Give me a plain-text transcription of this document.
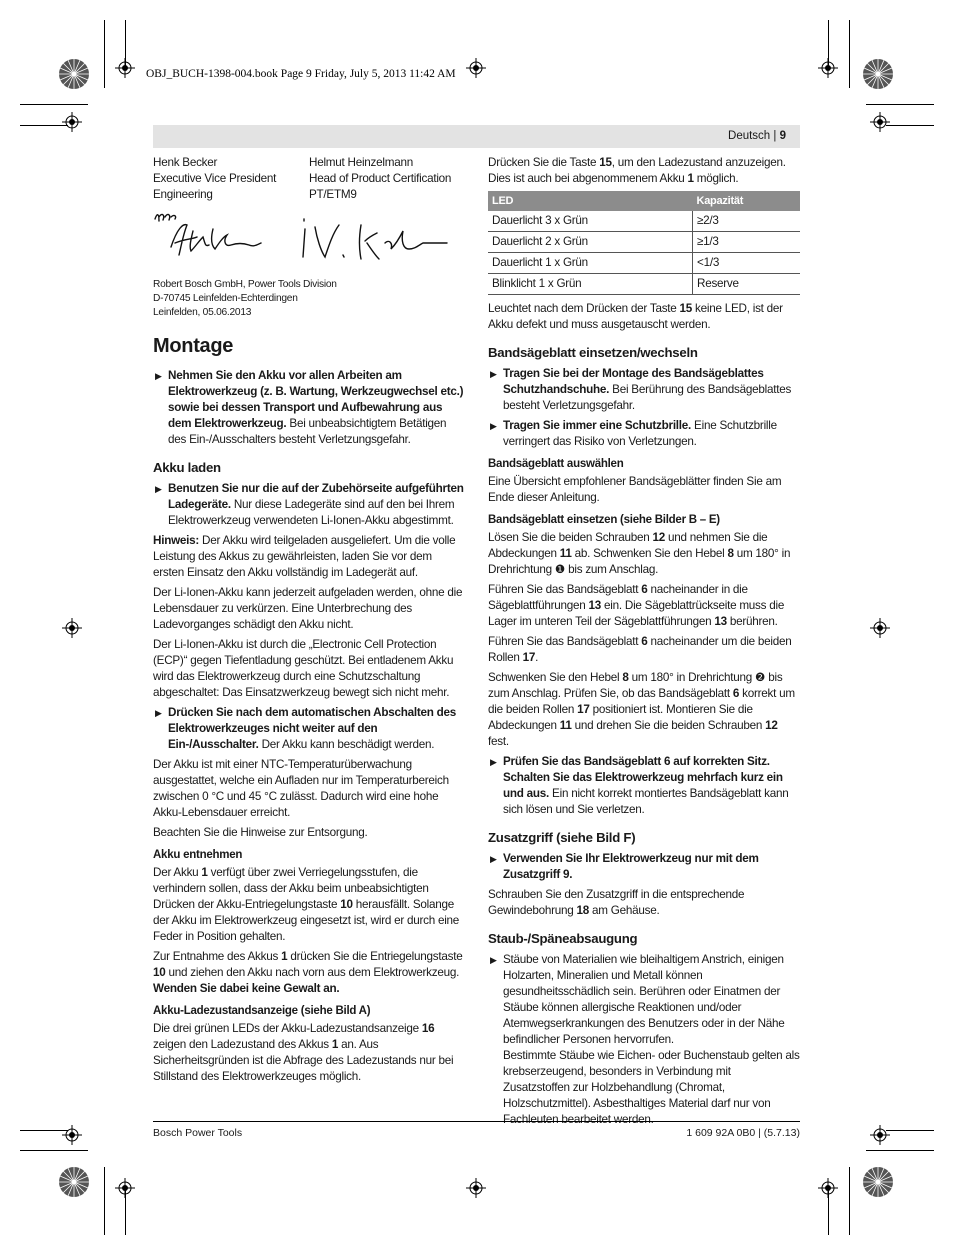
OBJ_BUCH-1398-004.book Page 9 Friday, July 5, 2013 11:42 AM
Deutsch | 9
Henk Becker
Executive Vice President
Engineering

Helmut Heinzelmann
Head of Product Certification
PT/ETM9

Robert Bosch GmbH, Power Tools Division

D-70745 Leinfelden-Echterdingen

Leinfelden, 05.06.2013

Montage
▶ Nehmen Sie den Akku vor allen Arbeiten am Elektrowerkzeug (z. B. Wartung, Werkzeugwechsel etc.) sowie bei dessen Transport und Aufbewahrung aus dem Elektrowerkzeug. Bei unbeabsichtigtem Betätigen des Ein-/Ausschalters besteht Verletzungsgefahr.
Akku laden
▶ Benutzen Sie nur die auf der Zubehörseite aufgeführten Ladegeräte. Nur diese Ladegeräte sind auf den bei Ihrem Elektrowerkzeug verwendeten Li-Ionen-Akku abgestimmt.

Hinweis: Der Akku wird teilgeladen ausgeliefert. Um die volle Leistung des Akkus zu gewährleisten, laden Sie vor dem ersten Einsatz den Akku vollständig im Ladegerät auf.

Der Li-Ionen-Akku kann jederzeit aufgeladen werden, ohne die Lebensdauer zu verkürzen. Eine Unterbrechung des Ladevorganges schädigt den Akku nicht.

Der Li-Ionen-Akku ist durch die „Electronic Cell Protection (ECP)“ gegen Tiefentladung geschützt. Bei entladenem Akku wird das Elektrowerkzeug durch eine Schutzschaltung abgeschaltet: Das Einsatzwerkzeug bewegt sich nicht mehr.

▶ Drücken Sie nach dem automatischen Abschalten des Elektrowerkzeuges nicht weiter auf den Ein-/Ausschalter. Der Akku kann beschädigt werden.

Der Akku ist mit einer NTC-Temperaturüberwachung ausgestattet, welche ein Aufladen nur im Temperaturbereich zwischen 0 °C und 45 °C zulässt. Dadurch wird eine hohe Akku-Lebensdauer erreicht.

Beachten Sie die Hinweise zur Entsorgung.

Akku entnehmen

Der Akku 1 verfügt über zwei Verriegelungsstufen, die verhindern sollen, dass der Akku beim unbeabsichtigten Drücken der Akku-Entriegelungstaste 10 herausfällt. Solange der Akku im Elektrowerkzeug eingesetzt ist, wird er durch eine Feder in Position gehalten.

Zur Entnahme des Akkus 1 drücken Sie die Entriegelungstaste 10 und ziehen den Akku nach vorn aus dem Elektrowerkzeug. Wenden Sie dabei keine Gewalt an.

Akku-Ladezustandsanzeige (siehe Bild A)

Die drei grünen LEDs der Akku-Ladezustandsanzeige 16 zeigen den Ladezustand des Akkus 1 an. Aus Sicherheitsgründen ist die Abfrage des Ladezustands nur bei Stillstand des Elektrowerkzeuges möglich.

Drücken Sie die Taste 15, um den Ladezustand anzuzeigen. Dies ist auch bei abgenommenem Akku 1 möglich.

LED	Kapazität
Dauerlicht 3 x Grün	≥2/3
Dauerlicht 2 x Grün	≥1/3
Dauerlicht 1 x Grün	<1/3
Blinklicht 1 x Grün	Reserve

Leuchtet nach dem Drücken der Taste 15 keine LED, ist der Akku defekt und muss ausgetauscht werden.

Bandsägeblatt einsetzen/wechseln
▶ Tragen Sie bei der Montage des Bandsägeblattes Schutzhandschuhe. Bei Berührung des Bandsägeblattes besteht Verletzungsgefahr.
▶ Tragen Sie immer eine Schutzbrille. Eine Schutzbrille verringert das Risiko von Verletzungen.
Bandsägeblatt auswählen

Eine Übersicht empfohlener Bandsägeblätter finden Sie am Ende dieser Anleitung.

Bandsägeblatt einsetzen (siehe Bilder B – E)

Lösen Sie die beiden Schrauben 12 und nehmen Sie die Abdeckungen 11 ab. Schwenken Sie den Hebel 8 um 180° in Drehrichtung ❶ bis zum Anschlag.

Führen Sie das Bandsägeblatt 6 nacheinander in die Sägeblattführungen 13 ein. Die Sägeblattrückseite muss die Lager im unteren Teil der Sägeblattführungen 13 berühren.

Führen Sie das Bandsägeblatt 6 nacheinander um die beiden Rollen 17.

Schwenken Sie den Hebel 8 um 180° in Drehrichtung ❷ bis zum Anschlag. Prüfen Sie, ob das Bandsägeblatt 6 korrekt um die beiden Rollen 17 positioniert ist. Montieren Sie die Abdeckungen 11 und drehen Sie die beiden Schrauben 12 fest.

▶ Prüfen Sie das Bandsägeblatt 6 auf korrekten Sitz. Schalten Sie das Elektrowerkzeug mehrfach kurz ein und aus. Ein nicht korrekt montiertes Bandsägeblatt kann sich lösen und Sie verletzen.
Zusatzgriff (siehe Bild F)
▶ Verwenden Sie Ihr Elektrowerkzeug nur mit dem Zusatzgriff 9.

Schrauben Sie den Zusatzgriff in die entsprechende Gewindebohrung 18 am Gehäuse.

Staub-/Späneabsaugung
▶ Stäube von Materialien wie bleihaltigem Anstrich, einigen Holzarten, Mineralien und Metall können gesundheitsschädlich sein. Berühren oder Einatmen der Stäube können allergische Reaktionen und/oder Atemwegserkrankungen des Benutzers oder in der Nähe befindlicher Personen hervorrufen.
Bestimmte Stäube wie Eichen- oder Buchenstaub gelten als krebserzeugend, besonders in Verbindung mit Zusatzstoffen zur Holzbehandlung (Chromat, Holzschutzmittel). Asbesthaltiges Material darf nur von Fachleuten bearbeitet werden.
Bosch Power Tools	1 609 92A 0B0 | (5.7.13)
